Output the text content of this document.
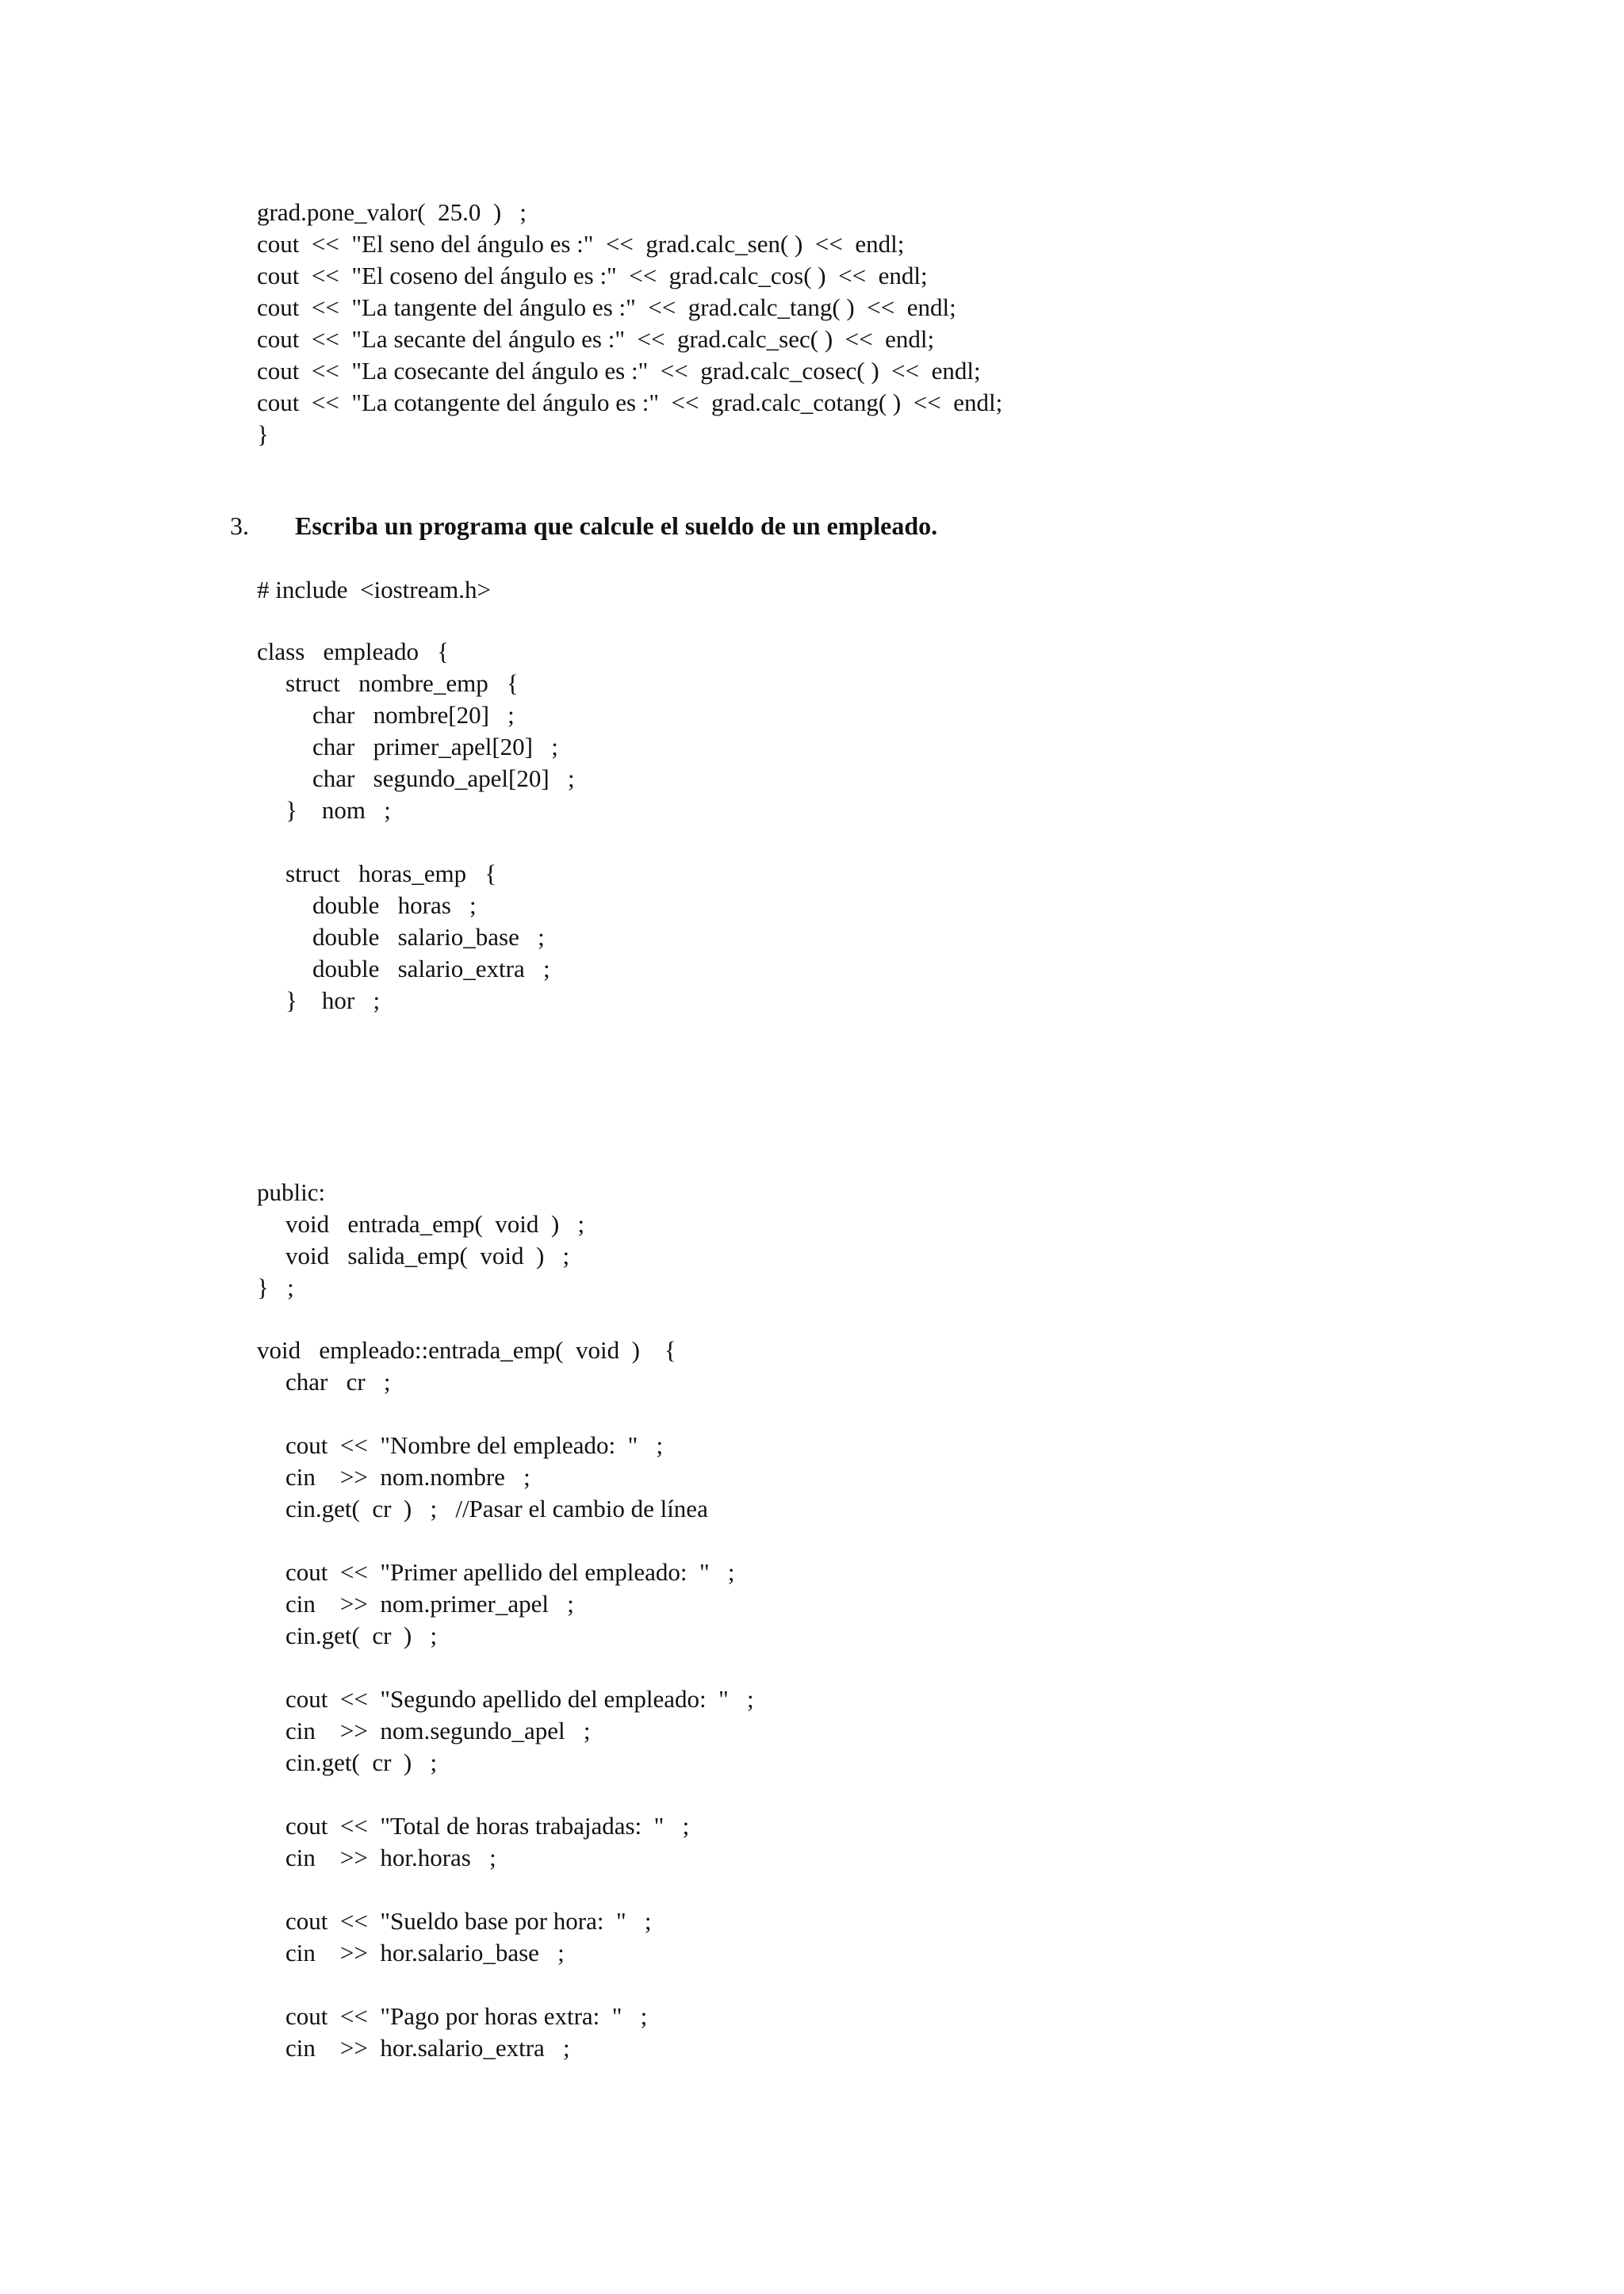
grad.pone_valor(  25.0  )   ;
cout  <<  "El seno del ángulo es :"  <<  grad.calc_sen( )  <<  endl;
cout  <<  "El coseno del ángulo es :"  <<  grad.calc_cos( )  <<  endl;
cout  <<  "La tangente del ángulo es :"  <<  grad.calc_tang( )  <<  endl;
cout  <<  "La secante del ángulo es :"  <<  grad.calc_sec( )  <<  endl;
cout  <<  "La cosecante del ángulo es :"  <<  grad.calc_cosec( )  <<  endl;
cout  <<  "La cotangente del ángulo es :"  <<  grad.calc_cotang( )  <<  endl;
}
3. Escriba un programa que calcule el sueldo de un empleado.
# include  <iostream.h>
class   empleado   {
struct   nombre_emp   {
char   nombre[20]   ;
char   primer_apel[20]   ;
char   segundo_apel[20]   ;
}    nom   ;
struct   horas_emp   {
double   horas   ;
double   salario_base   ;
double   salario_extra   ;
}    hor   ;
public:
void   entrada_emp(  void  )   ;
void   salida_emp(  void  )   ;
}   ;
void   empleado::entrada_emp(  void  )    {
char   cr   ;
cout  <<  "Nombre del empleado:  "   ;
cin    >>  nom.nombre   ;
cin.get(  cr  )   ;   //Pasar el cambio de línea
cout  <<  "Primer apellido del empleado:  "   ;
cin    >>  nom.primer_apel   ;
cin.get(  cr  )   ;
cout  <<  "Segundo apellido del empleado:  "   ;
cin    >>  nom.segundo_apel   ;
cin.get(  cr  )   ;
cout  <<  "Total de horas trabajadas:  "   ;
cin    >>  hor.horas   ;
cout  <<  "Sueldo base por hora:  "   ;
cin    >>  hor.salario_base   ;
cout  <<  "Pago por horas extra:  "   ;
cin    >>  hor.salario_extra   ;
